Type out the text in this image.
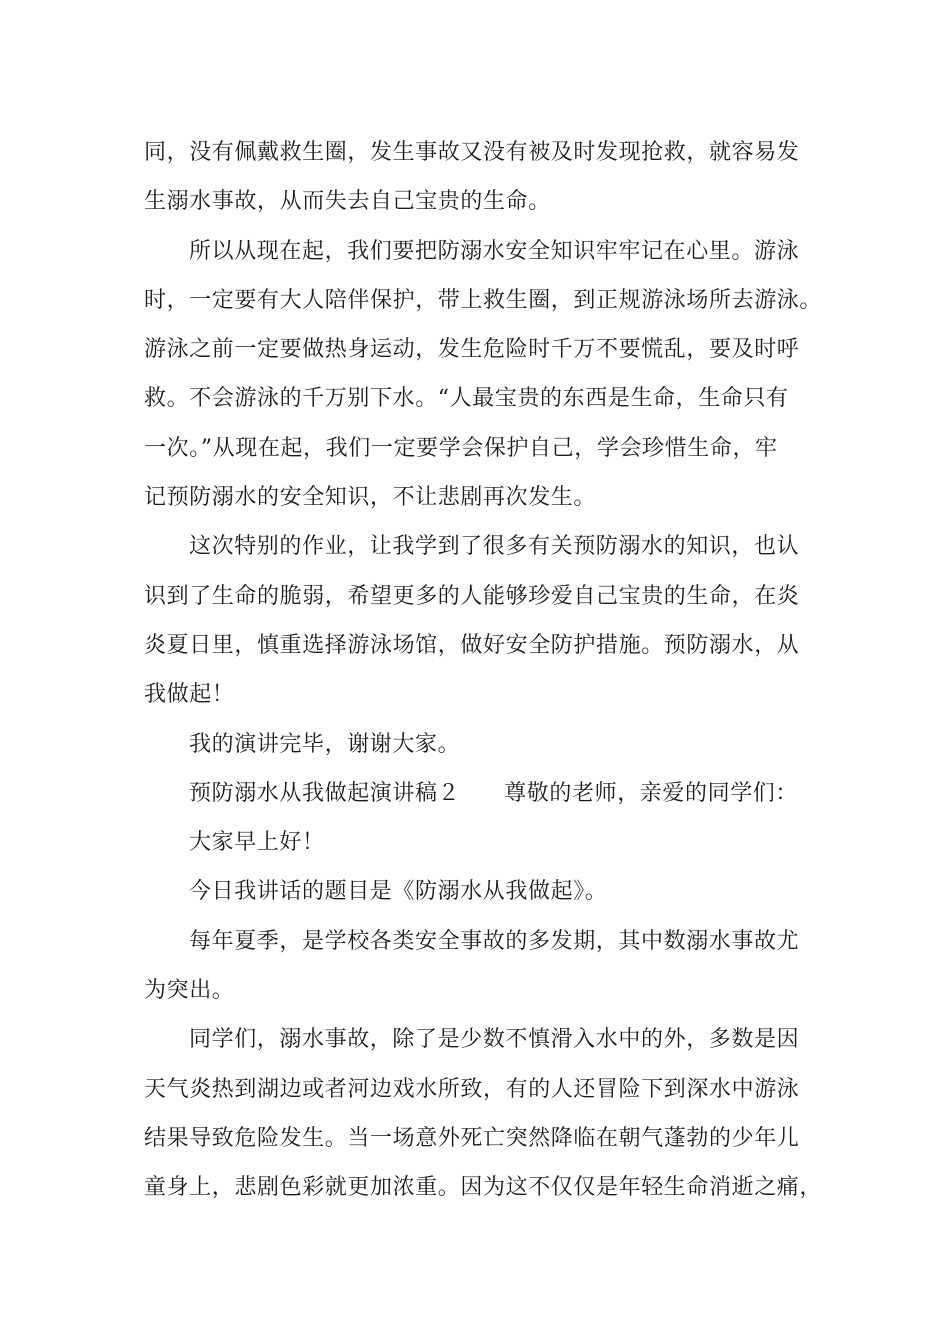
同，没有佩戴救生圈，发生事故又没有被及时发现抢救，就容易发
生溺水事故，从而失去自己宝贵的生命。
所以从现在起，我们要把防溺水安全知识牢牢记在心里。游泳
时，一定要有大人陪伴保护，带上救生圈，到正规游泳场所去游泳。
游泳之前一定要做热身运动，发生危险时千万不要慌乱，要及时呼
救。不会游泳的千万别下水。“人最宝贵的东西是生命，生命只有
一次。”从现在起，我们一定要学会保护自己，学会珍惜生命，牢
记预防溺水的安全知识，不让悲剧再次发生。
这次特别的作业，让我学到了很多有关预防溺水的知识，也认
识到了生命的脆弱，希望更多的人能够珍爱自己宝贵的生命，在炎
炎夏日里，慎重选择游泳场馆，做好安全防护措施。预防溺水，从
我做起！
我的演讲完毕，谢谢大家。
预防溺水从我做起演讲稿２ 尊敬的老师，亲爱的同学们：
大家早上好！
今日我讲话的题目是《防溺水从我做起》。
每年夏季，是学校各类安全事故的多发期，其中数溺水事故尤
为突出。
同学们，溺水事故，除了是少数不慎滑入水中的外，多数是因
天气炎热到湖边或者河边戏水所致，有的人还冒险下到深水中游泳
结果导致危险发生。当一场意外死亡突然降临在朝气蓬勃的少年儿
童身上，悲剧色彩就更加浓重。因为这不仅仅是年轻生命消逝之痛，
